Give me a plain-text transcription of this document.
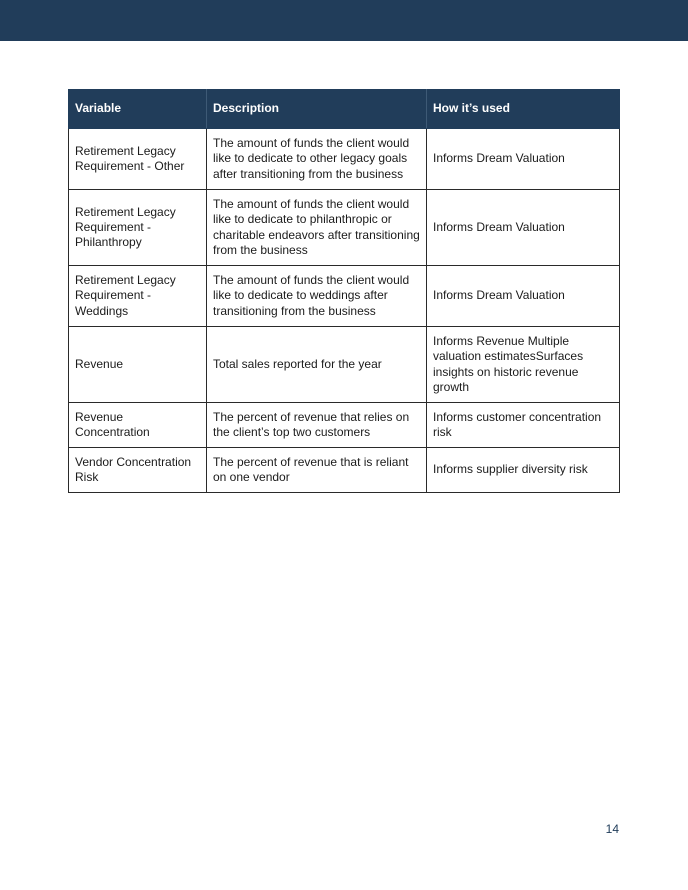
Variable	Description	How it’s used
Retirement Legacy Requirement - Other	The amount of funds the client would like to dedicate to other legacy goals after transitioning from the business	Informs Dream Valuation
Retirement Legacy Requirement - Philanthropy	The amount of funds the client would like to dedicate to philanthropic or charitable endeavors after transitioning from the business	Informs Dream Valuation
Retirement Legacy Requirement - Weddings	The amount of funds the client would like to dedicate to weddings after transitioning from the business	Informs Dream Valuation
Revenue	Total sales reported for the year	Informs Revenue Multiple valuation estimatesSurfaces insights on historic revenue growth
Revenue Concentration	The percent of revenue that relies on the client’s top two customers	Informs customer concentration risk
Vendor Concentration Risk	The percent of revenue that is reliant on one vendor	Informs supplier diversity risk
14
